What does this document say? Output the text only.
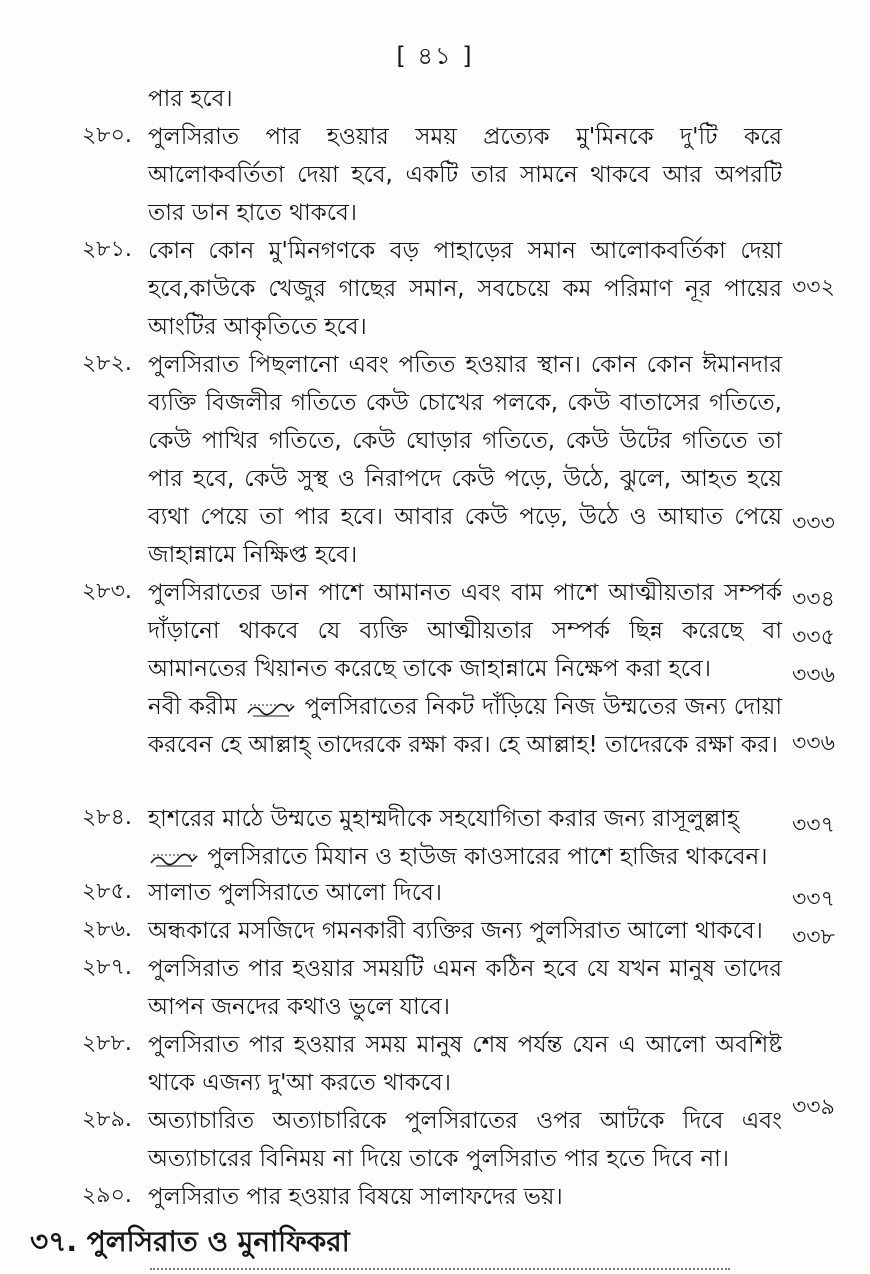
[ ৪১ ]
পার হবে।
২৮০. পুলসিরাত পার হওয়ার সময় প্রত্যেক মু'মিনকে দু'টি করে আলোকবর্তিতা দেয়া হবে, একটি তার সামনে থাকবে আর অপরটি তার ডান হাতে থাকবে।
২৮১. কোন কোন মু'মিনগণকে বড় পাহাড়ের সমান আলোকবর্তিকা দেয়া হবে,কাউকে খেজুর গাছের সমান, সবচেয়ে কম পরিমাণ নূর পায়ের আংটির আকৃতিতে হবে।
২৮২. পুলসিরাত পিছলানো এবং পতিত হওয়ার স্থান। কোন কোন ঈমানদার ব্যক্তি বিজলীর গতিতে কেউ চোখের পলকে, কেউ বাতাসের গতিতে, কেউ পাখির গতিতে, কেউ ঘোড়ার গতিতে, কেউ উটের গতিতে তা পার হবে, কেউ সুস্থ ও নিরাপদে কেউ পড়ে, উঠে, ঝুলে, আহত হয়ে ব্যথা পেয়ে তা পার হবে। আবার কেউ পড়ে, উঠে ও আঘাত পেয়ে জাহান্নামে নিক্ষিপ্ত হবে।
২৮৩. পুলসিরাতের ডান পাশে আমানত এবং বাম পাশে আত্মীয়তার সম্পর্ক দাঁড়ানো থাকবে যে ব্যক্তি আত্মীয়তার সম্পর্ক ছিন্ন করেছে বা আমানতের খিয়ানত করেছে তাকে জাহান্নামে নিক্ষেপ করা হবে।
নবী করীম	পুলসিরাতের নিকট দাঁড়িয়ে নিজ উম্মতের জন্য দোয়া করবেন হে আল্লাহ্ তাদেরকে রক্ষা কর। হে আল্লাহ! তাদেরকে রক্ষা কর।
২৮৪. হাশরের মাঠে উম্মতে মুহাম্মদীকে সহযোগিতা করার জন্য রাসূলুল্লাহ্
পুলসিরাতে মিযান ও হাউজ কাওসারের পাশে হাজির থাকবেন।
২৮৫. সালাত পুলসিরাতে আলো দিবে।
২৮৬. অন্ধকারে মসজিদে গমনকারী ব্যক্তির জন্য পুলসিরাত আলো থাকবে।
২৮৭. পুলসিরাত পার হওয়ার সময়টি এমন কঠিন হবে যে যখন মানুষ তাদের আপন জনদের কথাও ভুলে যাবে।
২৮৮. পুলসিরাত পার হওয়ার সময় মানুষ শেষ পর্যন্ত যেন এ আলো অবশিষ্ট থাকে এজন্য দু'আ করতে থাকবে।
২৮৯. অত্যাচারিত অত্যাচারিকে পুলসিরাতের ওপর আটকে দিবে এবং অত্যাচারের বিনিময় না দিয়ে তাকে পুলসিরাত পার হতে দিবে না।
২৯০. পুলসিরাত পার হওয়ার বিষয়ে সালাফদের ভয়।
৩৩২
৩৩৩
৩৩৪
৩৩৫
৩৩৬
৩৩৬
৩৩৭
৩৩৭
৩৩৮
৩৩৯
৩৭. পুলসিরাত ও মুনাফিকরা
